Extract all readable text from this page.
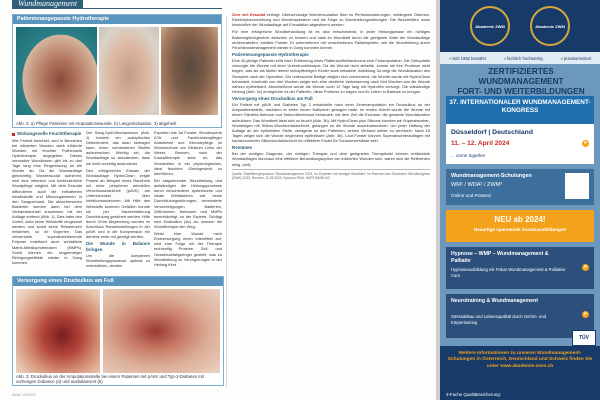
Wundmanagement
Patientenangepasste Hydrotherapie
Abb. 3: a) Pflege Patienten mit Amputationswunde. b) Langzeitsituation. 3) abgeheilt
Wirkungsvolle Feuchttherapie

Wie Protest berichtet, wird in Bereichen bei infizierten Wunden stark infizierte Wunden mit feuchter Polihexanid Hydrotherapie angegeben. Dieses innovative Wundkissen gibt bis zu drei Tage lang eine Ringerlösung an die Wunde ab. Da die Wundauflage gleichzeitig Wundexsudat aufnimmt, wird eine intensive und kontinuierliche Wundpflege möglich. Mit dem Exsudat diffundieren auch die enthaltenen Inhaltsstoffe und Mikroorganismen in den Saugverband. Die abvorhersehen Bakterien werden dann bei dem Verbandwechsel zusammen mit der Auflage entfernt (Abb. 1). Dies habe den Vorteil, dass keine Wirkstoffe eingesetzt werden und somit keine Resistenzen entstehen, so de Experten. Das verwendete superabsorbierende Polymer inaktiviert auch schädliche Matrix-Metalloproteinasen (MMPs). Somit können ein singuenstiger Reinigungseffekte wieder in Gang kommen.

Der Saug-Spül-Mechanismus (Abb. 1) bewirkt ein autolytisches Débridement, das dazu beitragen kann, einen vorhandenen Biofilm aufzubrechen. Wichtig sei, die Wundauflage so abzudecken, dass sie nicht vorzeitig austrocknet.

Den erfolgreichen Einsatz der Wundauflage HydroClean zeigte Protest an Beispiel eines Rauchers mit einer peripheren arteriellen Verschlusskrankheit (pAVK) am Unterschenkel über Infektionsanzeichen. Mit Hilfe des Wirkstoffs kommen Gefäßen konnte sie per Hautverstärkung Durchblutung gesichert werden. Hilfe durch Ohne Abgrenzung wurden im Anschluss Randeinstellungen in der pAVK und in die Kompression ein demenz erste mit gezeigt werden.

Die Wunde in Balance bringen

Um die komplexen Wundheilungsprozesse optimal zu unterstützen, steuten

Experten wie Jal Forster, Wundexperte ICW und Fachkrankenpfleger Anästhesie und Intensivpflege im Wundzentrum am Klinikum Links der Weser, Bremen, nach der Kausaltherapie stets an, das Wundmilieu in ein physiologisches, ideal feuchtes Gleichgewicht zu überführen.

Bei stagnierender Wundheilung und aufwändigen die Heilungsprozesse durch verschiedene systemische und lokale Wirkfaktoren wie beste Durchblutungsstörungen, verminderte Verunreinigungen, Bakterien, Zelltrümmer, Nekrosen und MMPs beeinträchtigt, so der Experte. Schlägt eine Evaluation (sic) an, wonach die Wundtherapie den Weg.

Weist eine Wunde nach Erstversorgung einen Intereffekt auf, wird eine Folge mit der Therapie rechtzeitig Proteine, Zell- und Gewebeabfallgeringer gestellt, was zu Wundheilung zu Verzögerungen in der Heilung führt.

Versorgung eines Druckulkus am Fuß
Abb. 3: Druckulkus an der Amputationsstelle bei einem Patienten mit pAVK und Typ-2-Diabetes mit vorherigen Dobance (a) und ausbalanciert (b)

Zero viel Exsudat verfolgt: Überschüssige Wundexsudation führt zu Perfusionsstörungen, verlängerte Ödemen, Elektrolytverschiebung und Wundmazeration und als Folge zu Wundheilungsstörungen. Die Wundmillieu muss hinsichtlich der Wundauflage auf Exsudation abgestimmt werden.

Für eine erfolgreiche Wundbehandlung ist es also entscheidend, in jeder Heilungsphase ein richtiges Balancegleichgewicht zwischen zu trocken und nass im Wundbett durch die geeignete Wahl der Wundauflage sicherzustellen, erklärte Forster. Er unternehmen mit verschiedenen Fallbeispielen, wie die Wundheilung durch Feuchtwundmanagement wieder in Gang kommen konnte.

Patientenangepasste Hydrotherapie

Eine 40-jährige Patientin erlitt nach Entfernung eines Plattenepithelkarzinoms eine Fußamputation. Die Orthopädie versorgte die Wunde mit einer Unterdrucktherapie. Da die Wunde nicht abheilte, konnte sie ihre Prothese nicht tragen, was sie als Mutter deiner schulpflichtigen Kinder stark belastete. Abbildung 3a zeigt die Wundsituation des Stumpfes nach der Operation. Die untersuchte Beläge zeigten sich zunehmend, die Wunde wurde mit HydroClean behandelt. Innerhalb von drei Wochen zeigte sich eine deutliche Verbesserung nach fünf Wochen war die Wunde nahezu epithelisiert. Abschließend wurde die Wunde noch 12 Tage lang mit Hydrofilm versorgt. Die vollständige Heilung (Abb. 3c) ermöglichte es der Patientin, diese Prothese zu tragen und ihr Leben in Balance zu bringen.

Versorgung eines Druckulkus am Fuß

Ein Patient mit pAVK und Diabetes Typ 2 entwickelte nach einer Zehenamputation ein Druckulkus an der Amputationsstelle, nachdem er einen neuen Kaltschuh getragen hatte. Im ersten Schritt wurde die Wunde mit einem Stirnfeld-Nekrose und Sekundärverband behandelt, mit dem Ziel die Eschase, die gesamte Wundsituation aufzulösen. Das Wundbett lässt sich zu feucht (Abb. 3b). Mit HydroClean plus Silicone konnten wir Superabsorber-Wundfolgen mit Silikon-Wundkontaktschicht, gelangen es die Wunde auszubalancieren. Um jeder Haftung der Auflage an der epithelialen Stelle, verlagerte es den Patienten, seinen Verband selber zu wechseln. Nach 18 Tagen zeigte sich die Wunde beginnend epithelisiert (Abb. 3b). Laut Forster können Superabsorberauflagen mit hautschonender Silikonkontaktschicht ein effektiver Ersatz für Schaumverbände sein.

Resümee

Bei der richtigen Diagnose, der richtigen Therapie und dem geeigneten Therapieziel können entkleidete Wundauflagen durchaus eine effektive Behandlungsoption von infizierten Wunden sein, waren sich die Referenten einig. (red)

Quelle: Satellitensymposium "Wundmanagement 2023. Im Experten mit weniger Bezahlen" im Rahmen des Deutscher Wundkongress (DWK) 2023, Bremen, 11.05.2023, Sponsor PAUL HARTMANN AG

Seite 10/2023
Akademie ZWM	Akademie ZWM
✔ Seit 1992 bewährt	✔ fachlich hochwertig	✔ praxisorientiert
ZERTIFIZIERTES WUNDMANAGEMENT
FORT- UND WEITERBILDUNGEN
37. INTERNATIONALER WUNDMANAGEMENT-KONGRESS
Düsseldorf | Deutschland
11. – 12. April 2024
... come together
➤
Wundmanagement-Schulungen
WM¹ / WDA² / ZWM³
Online und Präsenz
NEU ab 2024!
Neuartige spannende Zusatzausbildungen
Hypnose – WMP – Wundmanagement & Palliativ
Hypnoseausbildung mit Fokus Wundmanagement & Palliative Care
➤
Neurotraining & Wundmanagement
Stressabbau und Lebensqualität durch Gehirn- und Körpertraining
➤
TÜV
Weitere Informationen zu unseren Wundmanagement-Schulungen in Österreich, Deutschland und Schweiz finden Sie unter www.akademie-zwm.ch
3-Fache Qualitätssicherung:
